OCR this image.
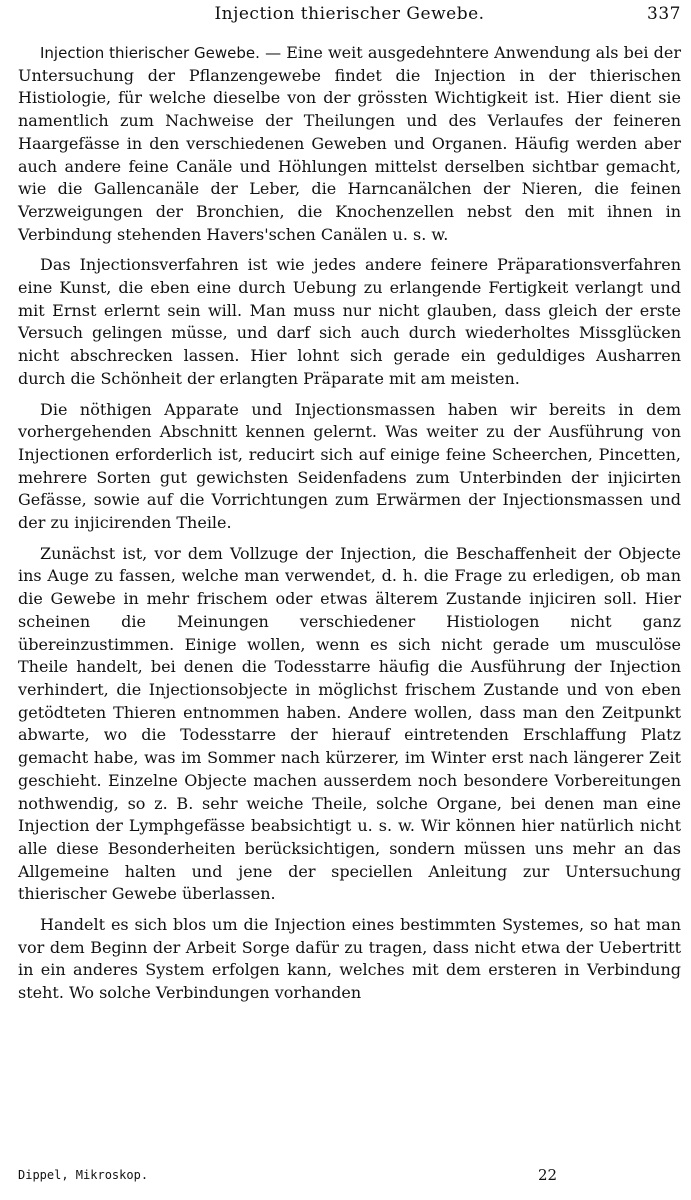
Injection thierischer Gewebe.	337

Injection thierischer Gewebe. — Eine weit ausgedehntere Anwendung als bei der Untersuchung der Pflanzengewebe findet die Injection in der thierischen Histiologie, für welche dieselbe von der grössten Wichtigkeit ist. Hier dient sie namentlich zum Nachweise der Theilungen und des Verlaufes der feineren Haargefässe in den verschiedenen Geweben und Organen. Häufig werden aber auch andere feine Canäle und Höhlungen mittelst derselben sichtbar gemacht, wie die Gallencanäle der Leber, die Harncanälchen der Nieren, die feinen Verzweigungen der Bronchien, die Knochenzellen nebst den mit ihnen in Verbindung stehenden Havers'schen Canälen u. s. w.

Das Injectionsverfahren ist wie jedes andere feinere Präparationsverfahren eine Kunst, die eben eine durch Uebung zu erlangende Fertigkeit verlangt und mit Ernst erlernt sein will. Man muss nur nicht glauben, dass gleich der erste Versuch gelingen müsse, und darf sich auch durch wiederholtes Missglücken nicht abschrecken lassen. Hier lohnt sich gerade ein geduldiges Ausharren durch die Schönheit der erlangten Präparate mit am meisten.

Die nöthigen Apparate und Injectionsmassen haben wir bereits in dem vorhergehenden Abschnitt kennen gelernt. Was weiter zu der Ausführung von Injectionen erforderlich ist, reducirt sich auf einige feine Scheerchen, Pincetten, mehrere Sorten gut gewichsten Seidenfadens zum Unterbinden der injicirten Gefässe, sowie auf die Vorrichtungen zum Erwärmen der Injectionsmassen und der zu injicirenden Theile.

Zunächst ist, vor dem Vollzuge der Injection, die Beschaffenheit der Objecte ins Auge zu fassen, welche man verwendet, d. h. die Frage zu erledigen, ob man die Gewebe in mehr frischem oder etwas älterem Zustande injiciren soll. Hier scheinen die Meinungen verschiedener Histiologen nicht ganz übereinzustimmen. Einige wollen, wenn es sich nicht gerade um musculöse Theile handelt, bei denen die Todesstarre häufig die Ausführung der Injection verhindert, die Injectionsobjecte in möglichst frischem Zustande und von eben getödteten Thieren entnommen haben. Andere wollen, dass man den Zeitpunkt abwarte, wo die Todesstarre der hierauf eintretenden Erschlaffung Platz gemacht habe, was im Sommer nach kürzerer, im Winter erst nach längerer Zeit geschieht. Einzelne Objecte machen ausserdem noch besondere Vorbereitungen nothwendig, so z. B. sehr weiche Theile, solche Organe, bei denen man eine Injection der Lymphgefässe beabsichtigt u. s. w. Wir können hier natürlich nicht alle diese Besonderheiten berücksichtigen, sondern müssen uns mehr an das Allgemeine halten und jene der speciellen Anleitung zur Untersuchung thierischer Gewebe überlassen.

Handelt es sich blos um die Injection eines bestimmten Systemes, so hat man vor dem Beginn der Arbeit Sorge dafür zu tragen, dass nicht etwa der Uebertritt in ein anderes System erfolgen kann, welches mit dem ersteren in Verbindung steht. Wo solche Verbindungen vorhanden

Dippel, Mikroskop.	22
